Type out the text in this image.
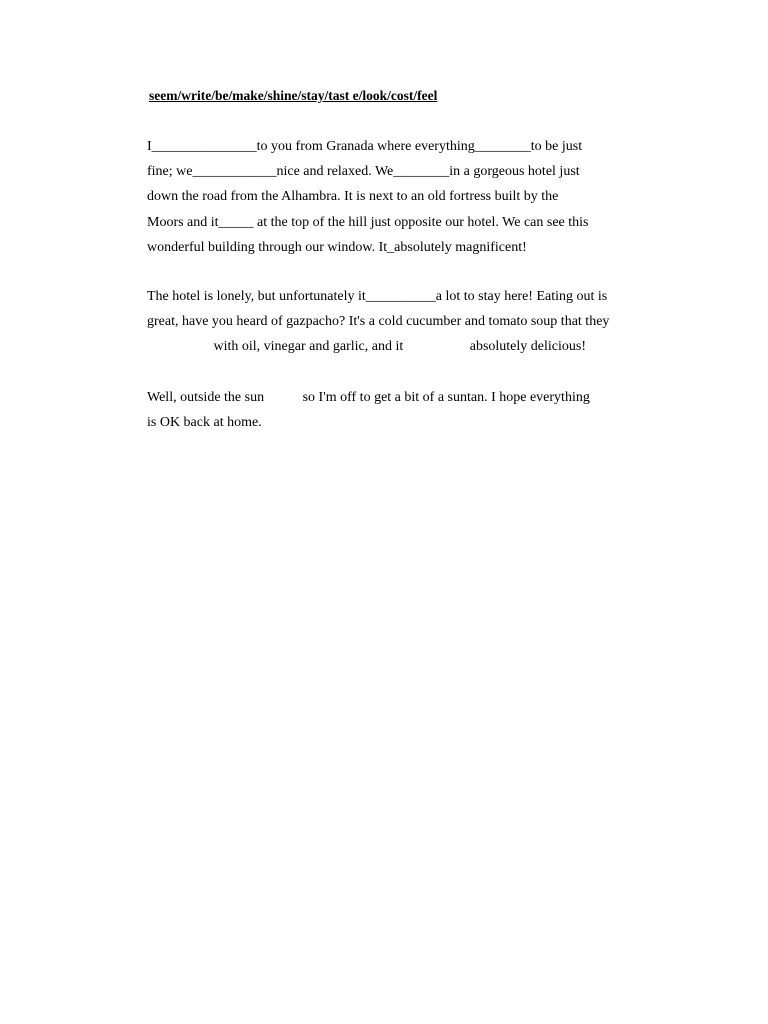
seem/write/be/make/shine/stay/tast e/look/cost/feel
I_______________to you from Granada where everything________to be just
fine; we____________nice and relaxed. We________in a gorgeous hotel just
down the road from the Alhambra. It is next to an old fortress built by the
Moors and it_____ at the top of the hill just opposite our hotel. We can see this
wonderful building through our window. It_absolutely magnificent!
The hotel is lonely, but unfortunately it__________a lot to stay here! Eating out is
great, have you heard of gazpacho? It's a cold cucumber and tomato soup that they
with oil, vinegar and garlic, and it                   absolutely delicious!
Well, outside the sun           so I'm off to get a bit of a suntan. I hope everything
is OK back at home.
